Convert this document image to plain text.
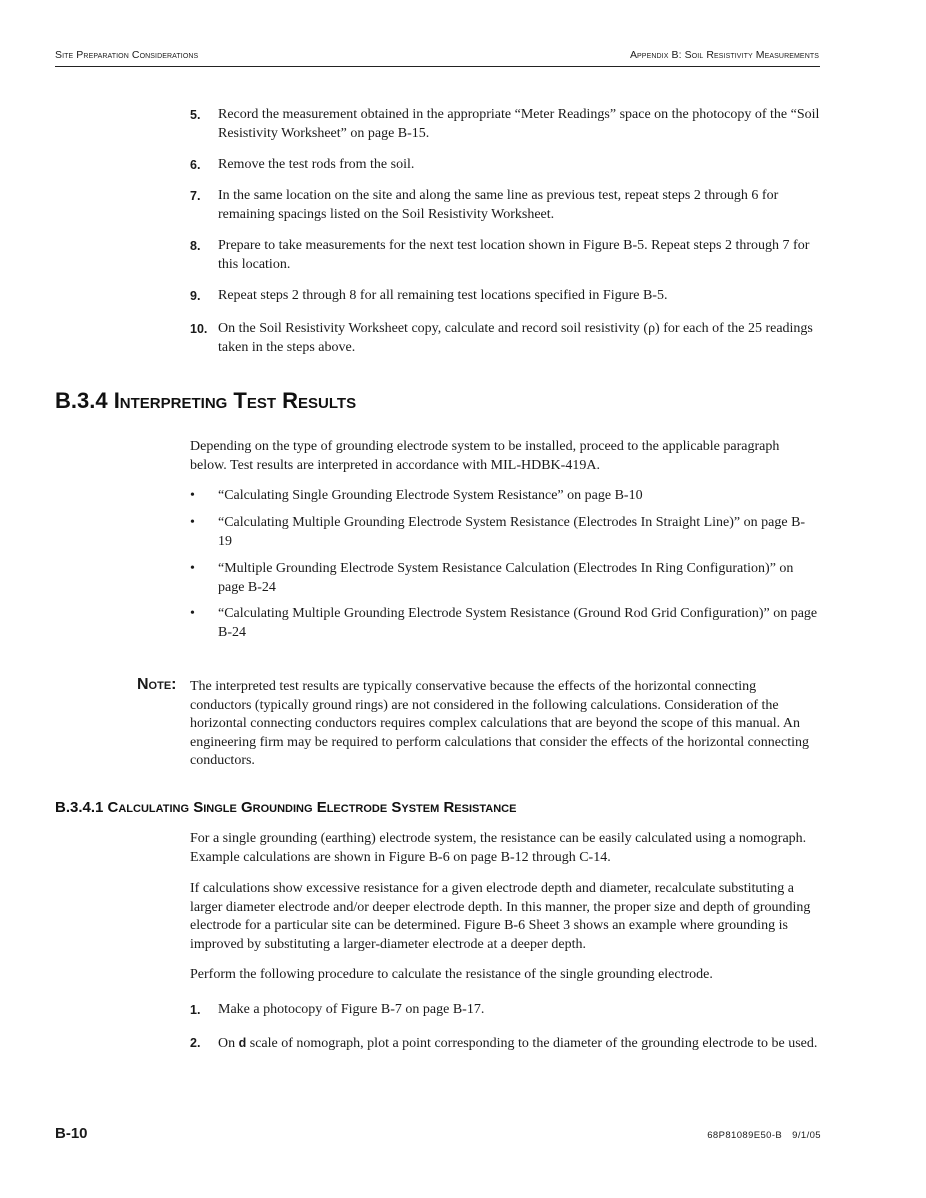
Site Preparation Considerations	Appendix B: Soil Resistivity Measurements
5. Record the measurement obtained in the appropriate “Meter Readings” space on the photocopy of the “Soil Resistivity Worksheet” on page B-15.
6. Remove the test rods from the soil.
7. In the same location on the site and along the same line as previous test, repeat steps 2 through 6 for remaining spacings listed on the Soil Resistivity Worksheet.
8. Prepare to take measurements for the next test location shown in Figure B-5. Repeat steps 2 through 7 for this location.
9. Repeat steps 2 through 8 for all remaining test locations specified in Figure B-5.
10. On the Soil Resistivity Worksheet copy, calculate and record soil resistivity (ρ) for each of the 25 readings taken in the steps above.
B.3.4 Interpreting Test Results
Depending on the type of grounding electrode system to be installed, proceed to the applicable paragraph below. Test results are interpreted in accordance with MIL-HDBK-419A.
• “Calculating Single Grounding Electrode System Resistance” on page B-10
• “Calculating Multiple Grounding Electrode System Resistance (Electrodes In Straight Line)” on page B-19
• “Multiple Grounding Electrode System Resistance Calculation (Electrodes In Ring Configuration)” on page B-24
• “Calculating Multiple Grounding Electrode System Resistance (Ground Rod Grid Configuration)” on page B-24
Note: The interpreted test results are typically conservative because the effects of the horizontal connecting conductors (typically ground rings) are not considered in the following calculations. Consideration of the horizontal connecting conductors requires complex calculations that are beyond the scope of this manual. An engineering firm may be required to perform calculations that consider the effects of the horizontal connecting conductors.
B.3.4.1 Calculating Single Grounding Electrode System Resistance
For a single grounding (earthing) electrode system, the resistance can be easily calculated using a nomograph. Example calculations are shown in Figure B-6 on page B-12 through C-14.
If calculations show excessive resistance for a given electrode depth and diameter, recalculate substituting a larger diameter electrode and/or deeper electrode depth. In this manner, the proper size and depth of grounding electrode for a particular site can be determined. Figure B-6 Sheet 3 shows an example where grounding is improved by substituting a larger-diameter electrode at a deeper depth.
Perform the following procedure to calculate the resistance of the single grounding electrode.
1. Make a photocopy of Figure B-7 on page B-17.
2. On d scale of nomograph, plot a point corresponding to the diameter of the grounding electrode to be used.
B-10	68P81089E50-B 9/1/05
